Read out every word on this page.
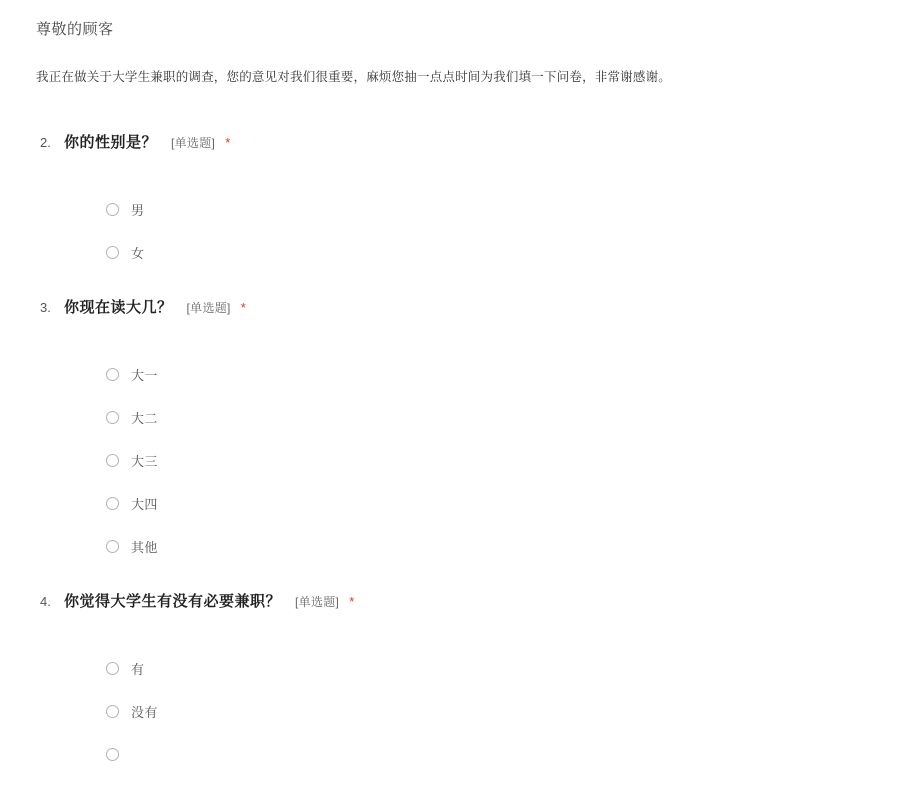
尊敬的顾客
我正在做关于大学生兼职的调查，您的意见对我们很重要，麻烦您抽一点点时间为我们填一下问卷，非常谢感谢。
2. 你的性别是？ [单选题] *
男
女
3. 你现在读大几？ [单选题] *
大一
大二
大三
大四
其他
4. 你觉得大学生有没有必要兼职？ [单选题] *
有
没有
